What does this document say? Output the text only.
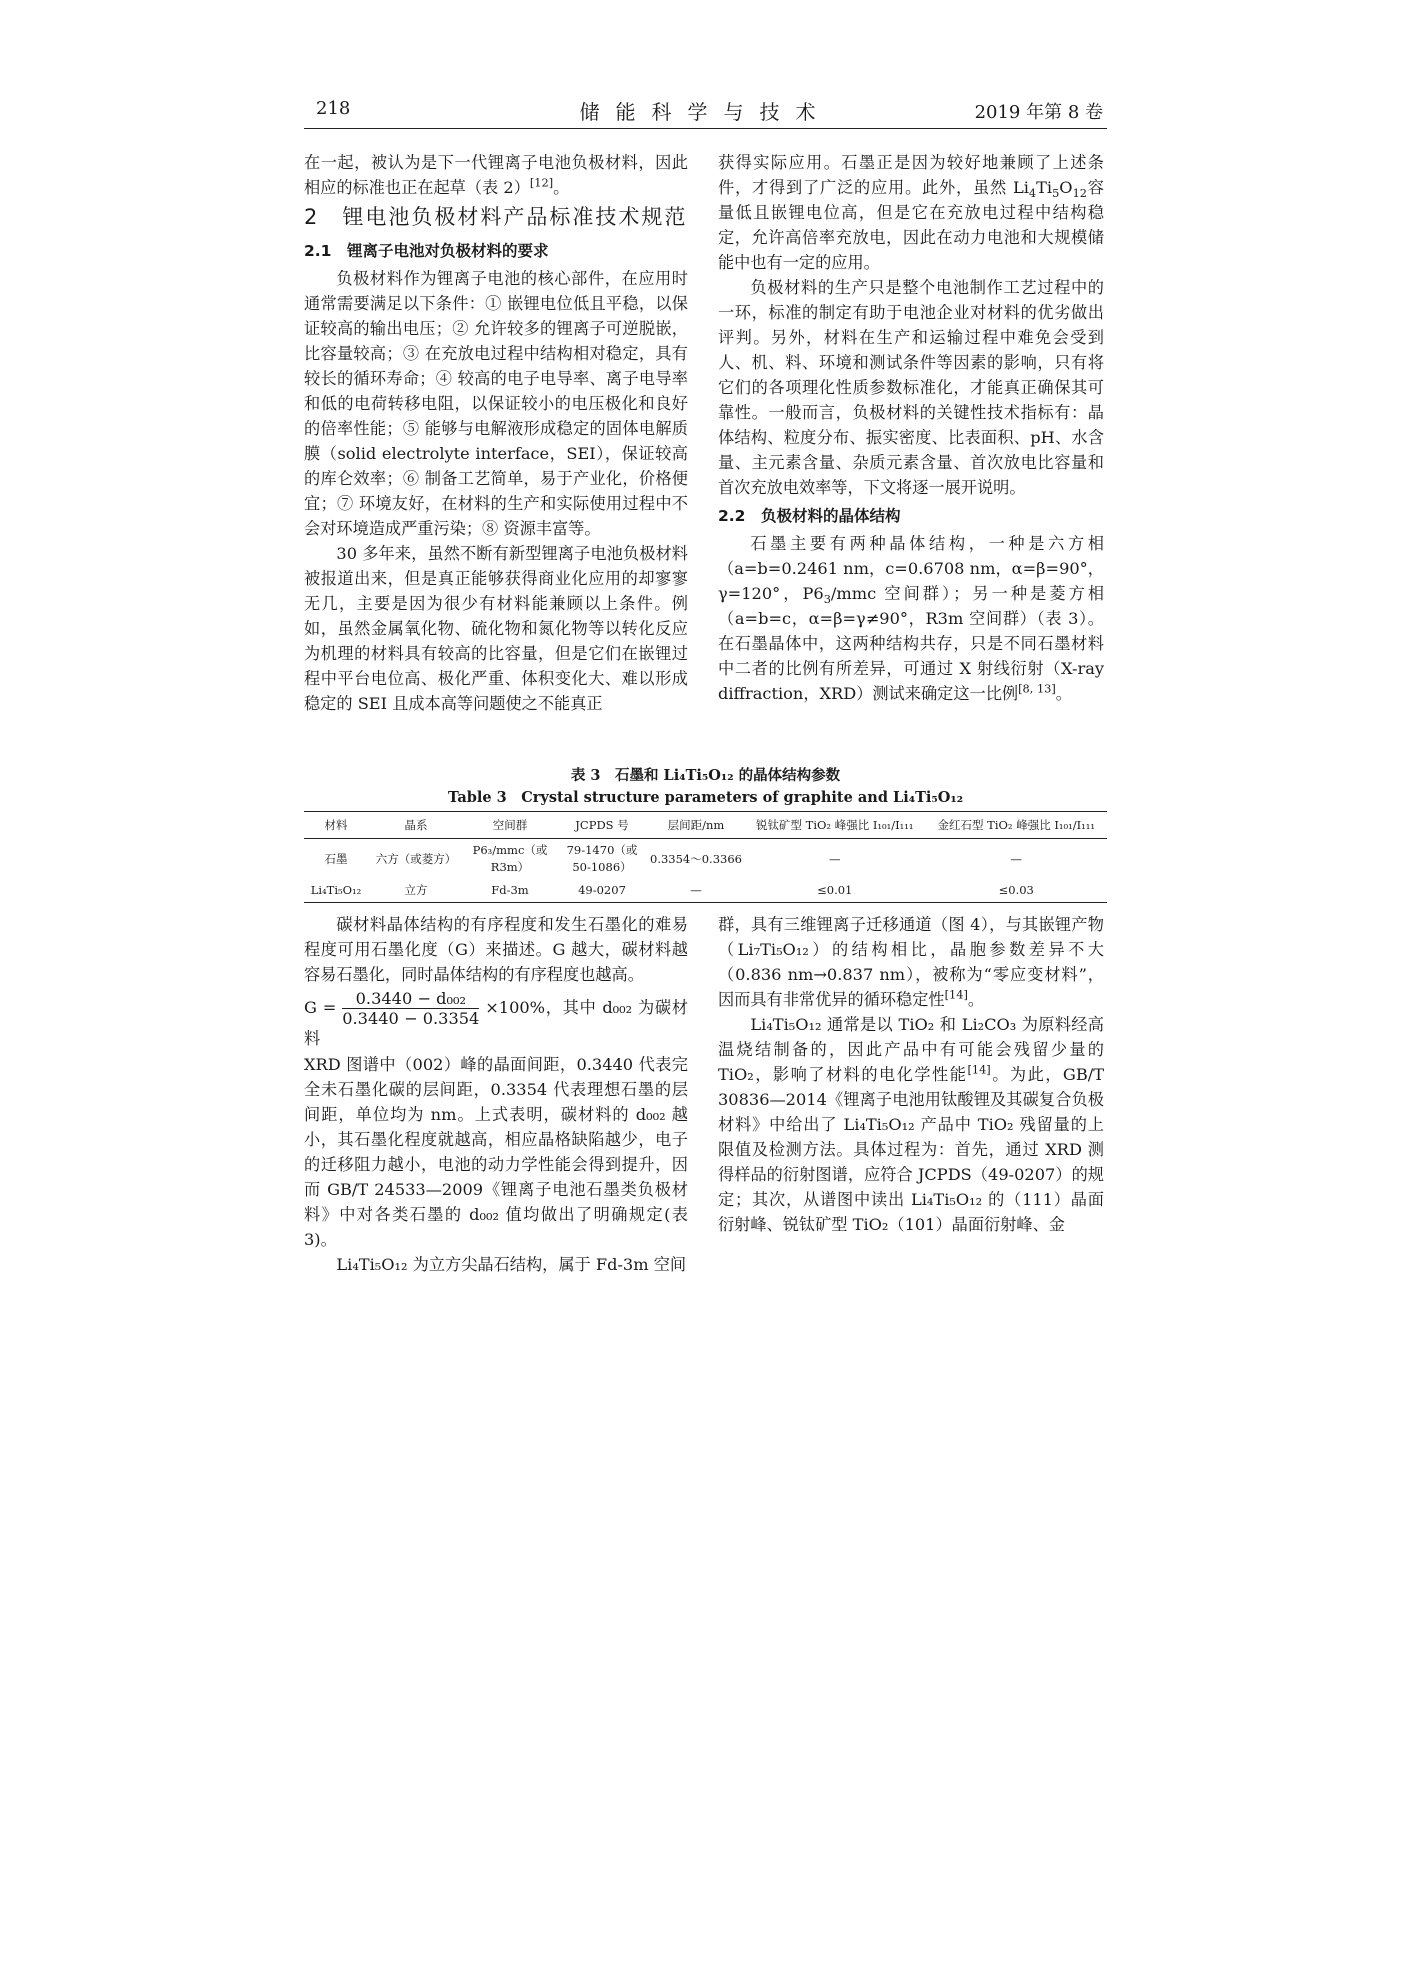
218	储能科学与技术	2019 年第 8 卷

在一起，被认为是下一代锂离子电池负极材料，因此相应的标准也正在起草（表 2）[12]。

2　锂电池负极材料产品标准技术规范
2.1　锂离子电池对负极材料的要求

负极材料作为锂离子电池的核心部件，在应用时通常需要满足以下条件：① 嵌锂电位低且平稳，以保证较高的输出电压；② 允许较多的锂离子可逆脱嵌，比容量较高；③ 在充放电过程中结构相对稳定，具有较长的循环寿命；④ 较高的电子电导率、离子电导率和低的电荷转移电阻，以保证较小的电压极化和良好的倍率性能；⑤ 能够与电解液形成稳定的固体电解质膜（solid electrolyte interface，SEI），保证较高的库仑效率；⑥ 制备工艺简单，易于产业化，价格便宜；⑦ 环境友好，在材料的生产和实际使用过程中不会对环境造成严重污染；⑧ 资源丰富等。

30 多年来，虽然不断有新型锂离子电池负极材料被报道出来，但是真正能够获得商业化应用的却寥寥无几，主要是因为很少有材料能兼顾以上条件。例如，虽然金属氧化物、硫化物和氮化物等以转化反应为机理的材料具有较高的比容量，但是它们在嵌锂过程中平台电位高、极化严重、体积变化大、难以形成稳定的 SEI 且成本高等问题使之不能真正

获得实际应用。石墨正是因为较好地兼顾了上述条件，才得到了广泛的应用。此外，虽然 $Li_4Ti_5O_{12}$容量低且嵌锂电位高，但是它在充放电过程中结构稳定，允许高倍率充放电，因此在动力电池和大规模储能中也有一定的应用。

负极材料的生产只是整个电池制作工艺过程中的一环，标准的制定有助于电池企业对材料的优劣做出评判。另外，材料在生产和运输过程中难免会受到人、机、料、环境和测试条件等因素的影响，只有将它们的各项理化性质参数标准化，才能真正确保其可靠性。一般而言，负极材料的关键性技术指标有：晶体结构、粒度分布、振实密度、比表面积、pH、水含量、主元素含量、杂质元素含量、首次放电比容量和首次充放电效率等，下文将逐一展开说明。

2.2　负极材料的晶体结构

石墨主要有两种晶体结构，一种是六方相（a=b=0.2461 nm，c=0.6708 nm，α=β=90°，γ=120°，$P6_3$/mmc 空间群）；另一种是菱方相（a=b=c，α=β=γ≠90°，R3m 空间群）（表 3）。在石墨晶体中，这两种结构共存，只是不同石墨材料中二者的比例有所差异，可通过 X 射线衍射（X-ray diffraction，XRD）测试来确定这一比例[8, 13]。

表 3　石墨和 Li₄Ti₅O₁₂ 的晶体结构参数
Table 3　Crystal structure parameters of graphite and Li₄Ti₅O₁₂
材料	晶系	空间群	JCPDS 号	层间距/nm	锐钛矿型 TiO₂ 峰强比 I₁₀₁/I₁₁₁	金红石型 TiO₂ 峰强比 I₁₀₁/I₁₁₁
石墨	六方（或菱方）	P6₃/mmc（或 R3m）	79-1470（或 50-1086）	0.3354～0.3366	—	—
Li₄Ti₅O₁₂	立方	Fd-3m	49-0207	—	≤0.01	≤0.03

碳材料晶体结构的有序程度和发生石墨化的难易程度可用石墨化度（G）来描述。G 越大，碳材料越容易石墨化，同时晶体结构的有序程度也越高。

$G = \frac{\text{0.3440 − d₀₀₂}}{0.3440 - 0.3354} \times 100\%$，其中 d₀₀₂ 为碳材料

XRD 图谱中（002）峰的晶面间距，0.3440 代表完全未石墨化碳的层间距，0.3354 代表理想石墨的层间距，单位均为 nm。上式表明，碳材料的 d₀₀₂ 越小，其石墨化程度就越高，相应晶格缺陷越少，电子的迁移阻力越小，电池的动力学性能会得到提升，因而 GB/T 24533—2009《锂离子电池石墨类负极材料》中对各类石墨的 d₀₀₂ 值均做出了明确规定(表 3)。

Li₄Ti₅O₁₂ 为立方尖晶石结构，属于 Fd-3m 空间

群，具有三维锂离子迁移通道（图 4），与其嵌锂产物（Li₇Ti₅O₁₂）的结构相比，晶胞参数差异不大（0.836 nm→0.837 nm），被称为“零应变材料”，因而具有非常优异的循环稳定性[14]。

Li₄Ti₅O₁₂ 通常是以 TiO₂ 和 Li₂CO₃ 为原料经高温烧结制备的，因此产品中有可能会残留少量的 TiO₂，影响了材料的电化学性能[14]。为此，GB/T 30836—2014《锂离子电池用钛酸锂及其碳复合负极材料》中给出了 Li₄Ti₅O₁₂ 产品中 TiO₂ 残留量的上限值及检测方法。具体过程为：首先，通过 XRD 测得样品的衍射图谱，应符合 JCPDS（49-0207）的规定；其次，从谱图中读出 Li₄Ti₅O₁₂ 的（111）晶面衍射峰、锐钛矿型 TiO₂（101）晶面衍射峰、金
